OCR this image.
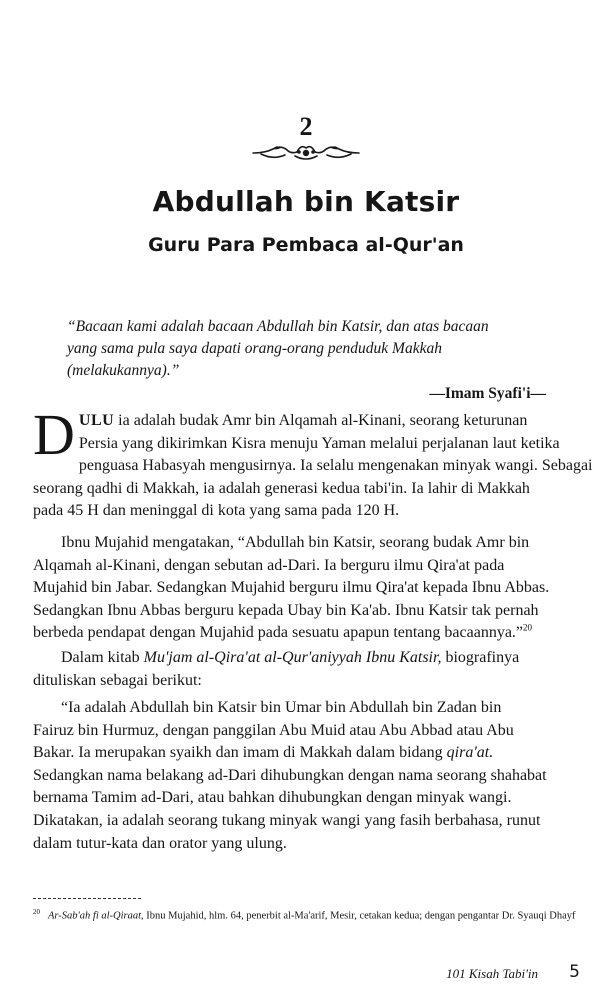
2
Abdullah bin Katsir
Guru Para Pembaca al-Qur'an
“Bacaan kami adalah bacaan Abdullah bin Katsir, dan atas bacaan
yang sama pula saya dapati orang-orang penduduk Makkah
(melakukannya).”
—Imam Syafi'i—
D ULU ia adalah budak Amr bin Alqamah al-Kinani, seorang keturunan
Persia yang dikirimkan Kisra menuju Yaman melalui perjalanan laut ketika
penguasa Habasyah mengusirnya. Ia selalu mengenakan minyak wangi. Sebagai
seorang qadhi di Makkah, ia adalah generasi kedua tabi'in. Ia lahir di Makkah
pada 45 H dan meninggal di kota yang sama pada 120 H.
Ibnu Mujahid mengatakan, “Abdullah bin Katsir, seorang budak Amr bin
Alqamah al-Kinani, dengan sebutan ad-Dari. Ia berguru ilmu Qira'at pada
Mujahid bin Jabar. Sedangkan Mujahid berguru ilmu Qira'at kepada Ibnu Abbas.
Sedangkan Ibnu Abbas berguru kepada Ubay bin Ka'ab. Ibnu Katsir tak pernah
berbeda pendapat dengan Mujahid pada sesuatu apapun tentang bacaannya.”$^{20}$
Dalam kitab Mu'jam al-Qira'at al-Qur'aniyyah Ibnu Katsir, biografinya
dituliskan sebagai berikut:
“Ia adalah Abdullah bin Katsir bin Umar bin Abdullah bin Zadan bin
Fairuz bin Hurmuz, dengan panggilan Abu Muid atau Abu Abbad atau Abu
Bakar. Ia merupakan syaikh dan imam di Makkah dalam bidang qira'at.
Sedangkan nama belakang ad-Dari dihubungkan dengan nama seorang shahabat
bernama Tamim ad-Dari, atau bahkan dihubungkan dengan minyak wangi.
Dikatakan, ia adalah seorang tukang minyak wangi yang fasih berbahasa, runut
dalam tutur-kata dan orator yang ulung.
$^{20}$ Ar-Sab'ah fi al-Qiraat, Ibnu Mujahid, hlm. 64, penerbit al-Ma'arif, Mesir, cetakan kedua; dengan pengantar Dr. Syauqi Dhayf
101 Kisah Tabi'in 5
